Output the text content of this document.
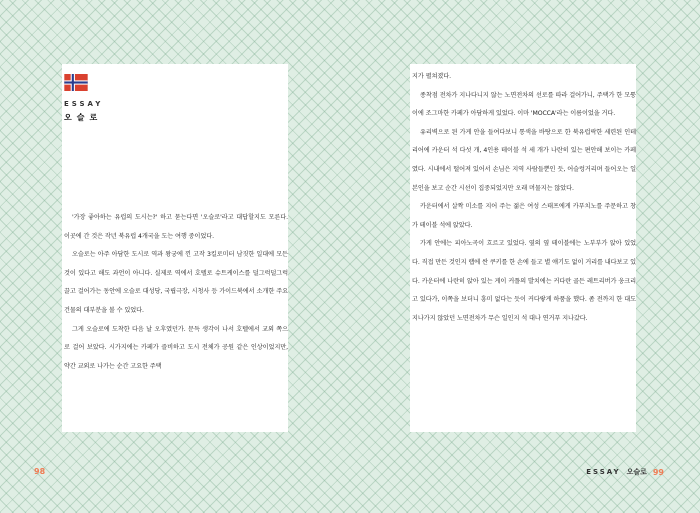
ESSAY
오슬로

'가장 좋아하는 유럽의 도시는?' 하고 묻는다면 '오슬로'라고 대답할지도 모른다. 이곳에 간 것은 작년 북유럽 4개국을 도는 여행 중이었다.

오슬로는 아주 아담한 도시로 역과 왕궁에 낀 고작 3킬로미터 남짓한 일대에 모든 것이 있다고 해도 과언이 아니다. 실제로 역에서 호텔로 슈트케이스를 덜그럭덜그럭 끌고 걸어가는 동안에 오슬로 대성당, 국립극장, 시청사 등 가이드북에서 소개한 주요 건물의 대부분을 볼 수 있었다.

그게 오슬로에 도착한 다음 날 오후였던가. 문득 생각이 나서 호텔에서 교외 쪽으로 걸어 보았다. 시가지에는 카페가 즐비하고 도시 전체가 공원 같은 인상이었지만, 약간 교외로 나가는 순간 고요한 주택

지가 펼쳐졌다.

종착점 전차가 지나다니지 않는 노면전차의 선로를 따라 걸어가니, 주택가 한 모퉁이에 조그마한 카페가 아담하게 있었다. 이마 'MOCCA'라는 이름이었을 거다.

유리벽으로 된 가게 안을 들여다보니 통색을 바탕으로 한 북유럽락한 세련된 인테리어에 카운터 석 다섯 개, 4인용 테이블 석 세 개가 나란히 있는 편안해 보이는 카페였다. 시내에서 떨어져 있어서 손님은 지역 사람들뿐인 듯, 어슬렁거리며 들어오는 일본인을 보고 순간 시선이 집중되었지만 오래 머물지는 않았다.

카운터에서 살짝 미소를 지어 주는 젊은 여성 스태프에게 카푸치노를 주문하고 창가 테이블 석에 앉았다.

가게 안에는 피아노곡이 흐르고 있었다. 옆의 옆 테이블에는 노부부가 앉아 있었다. 직접 만든 것인지 랩에 싼 쿠키를 한 손에 들고 별 얘기도 없이 거리를 내다보고 있다. 카운터에 나란히 앉아 있는 게이 커플의 발치에는 커다란 골든 레트리버가 웅크리고 있다가, 이쪽을 보더니 흥미 없다는 듯이 커다랗게 하품을 했다. 좀 전까지 한 대도 지나가지 않았던 노면전차가 무슨 일인지 석 대나 연거푸 지나갔다.

98	ESSAY 오슬로 99
